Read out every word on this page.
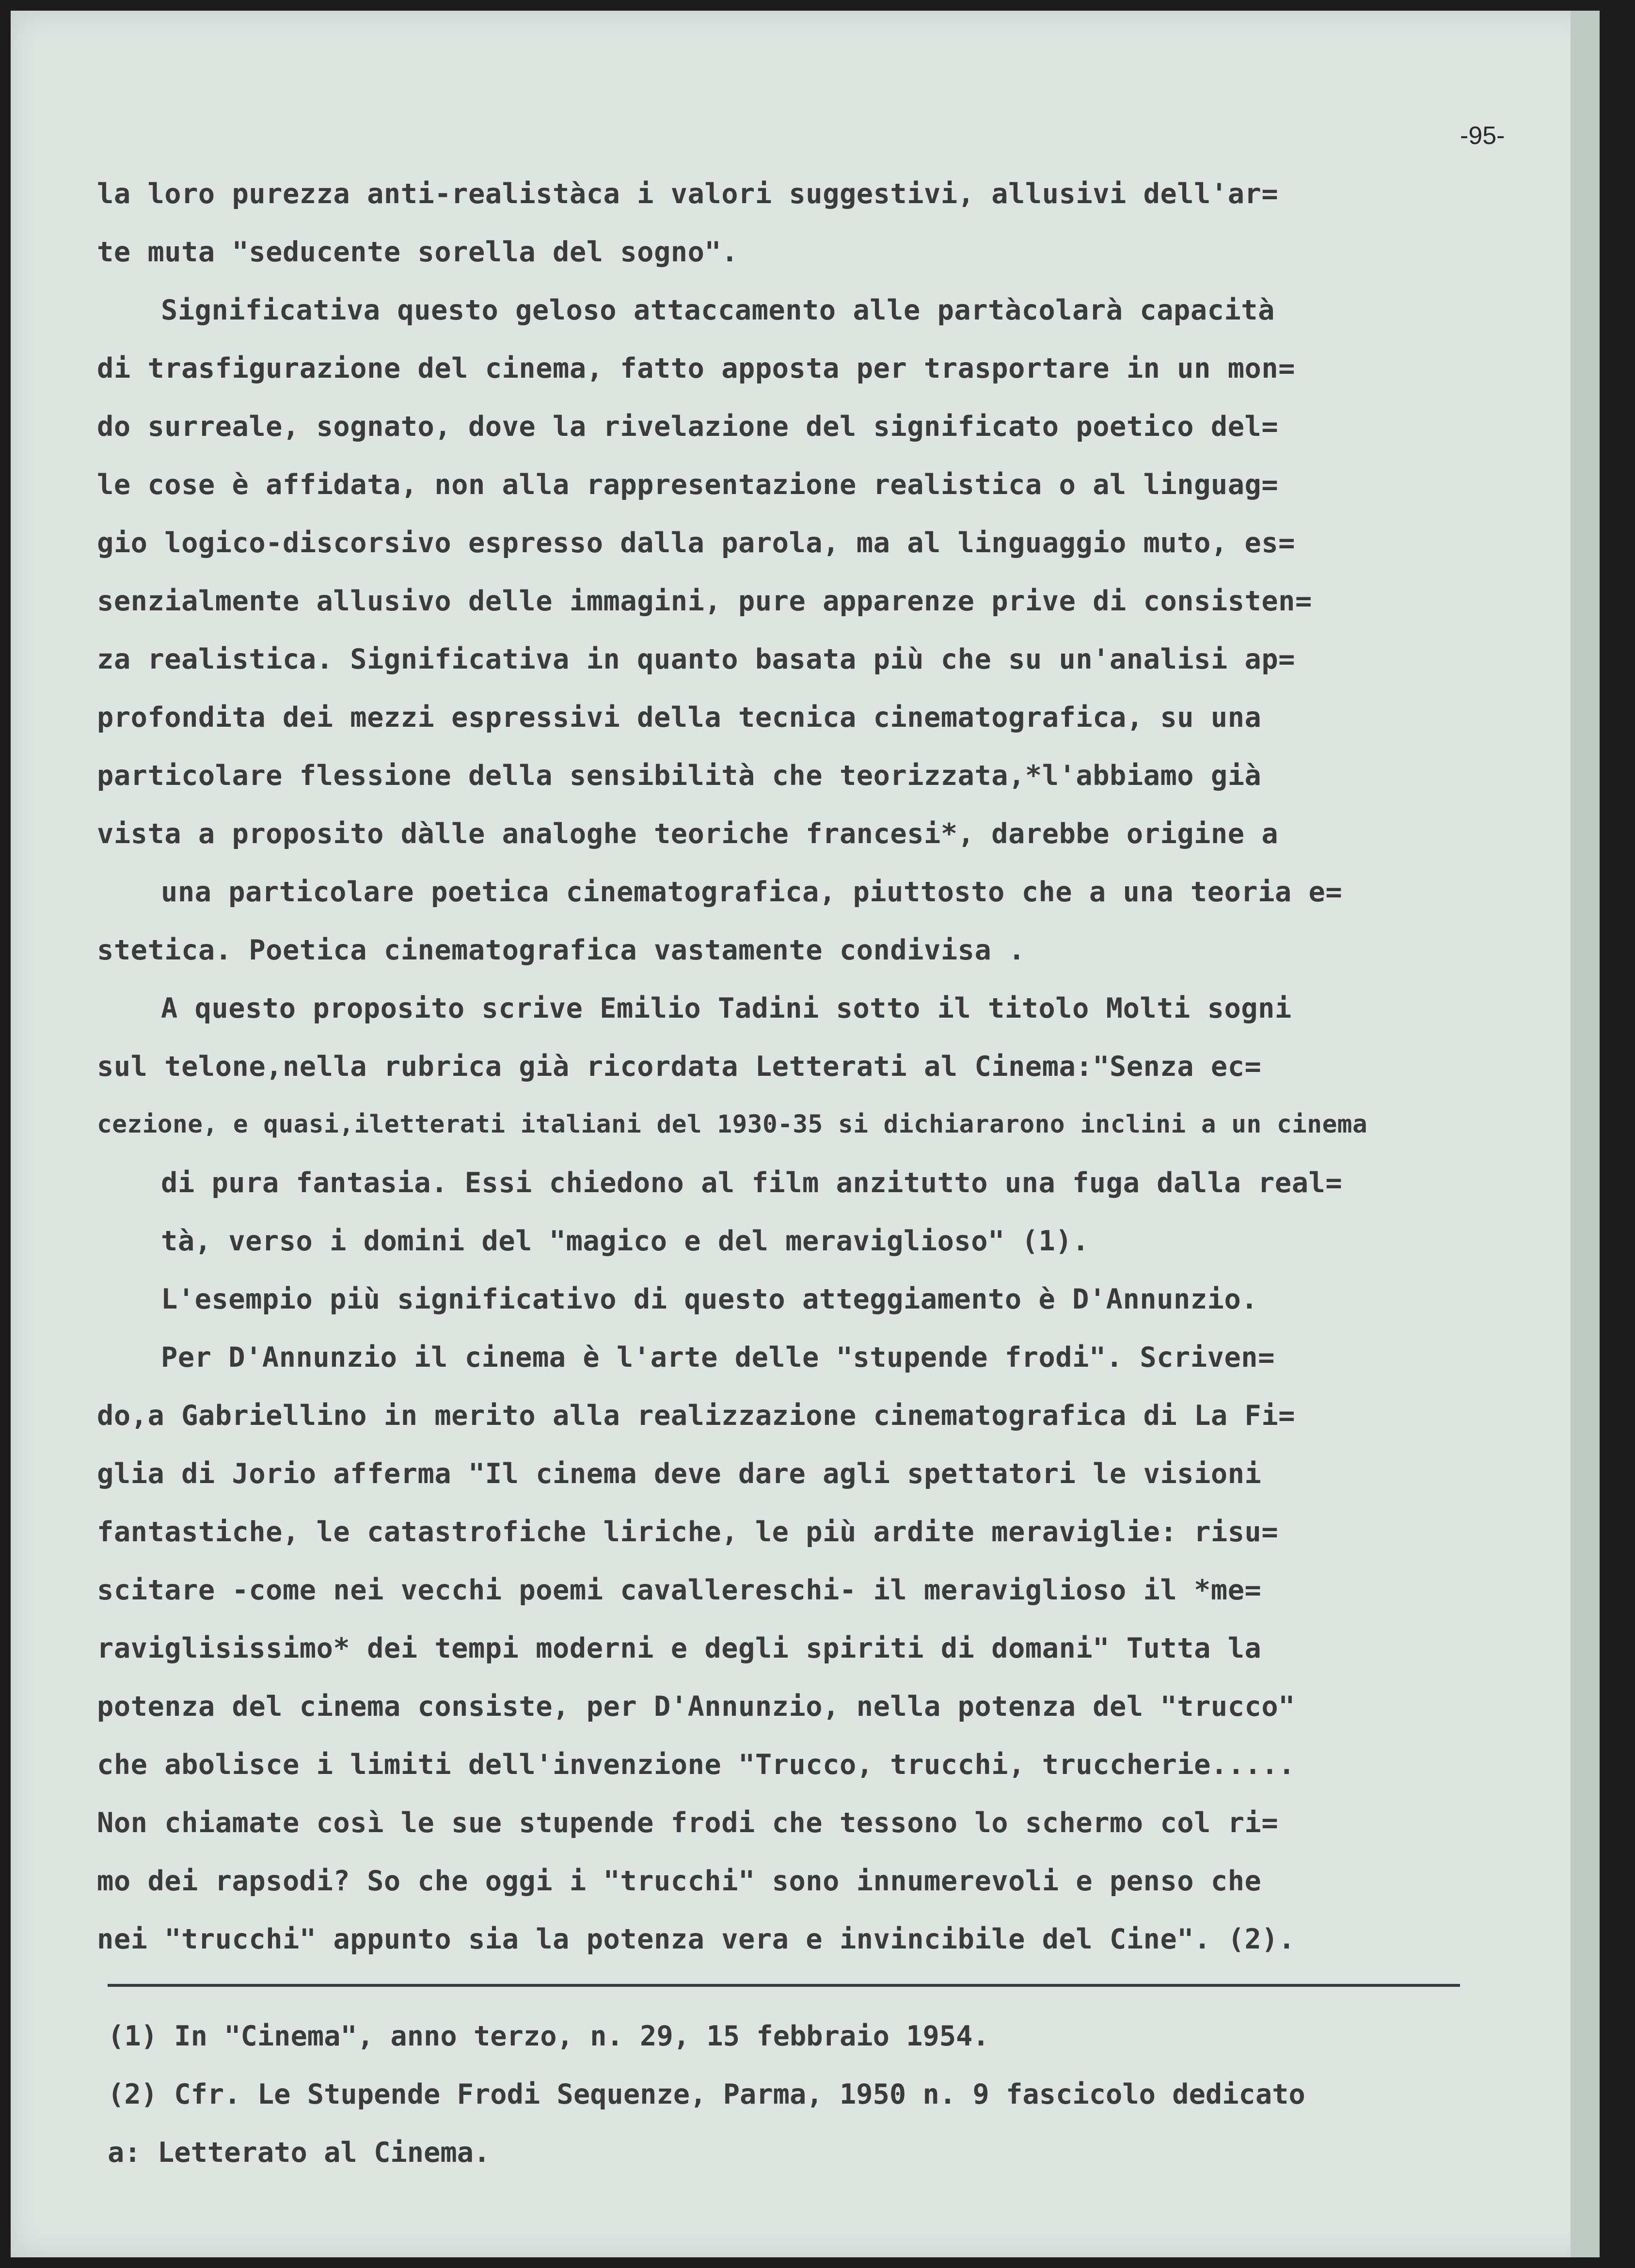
-95-
la loro purezza anti-realistàca i valori suggestivi, allusivi dell'ar=
te muta "seducente sorella del sogno".
Significativa questo geloso attaccamento alle partàcolarà capacità
di trasfigurazione del cinema, fatto apposta per trasportare in un mon=
do surreale, sognato, dove la rivelazione del significato poetico del=
le cose è affidata, non alla rappresentazione realistica o al linguag=
gio logico-discorsivo espresso dalla parola, ma al linguaggio muto, es=
senzialmente allusivo delle immagini, pure apparenze prive di consisten=
za realistica. Significativa in quanto basata più che su un'analisi ap=
profondita dei mezzi espressivi della tecnica cinematografica, su una
particolare flessione della sensibilità che teorizzata,*l'abbiamo già
vista a proposito dàlle analoghe teoriche francesi*, darebbe origine a
una particolare poetica cinematografica, piuttosto che a una teoria e=
stetica. Poetica cinematografica vastamente condivisa .
A questo proposito scrive Emilio Tadini sotto il titolo Molti sogni
sul telone,nella rubrica già ricordata Letterati al Cinema:"Senza ec=
cezione, e quasi,iletterati italiani del 1930-35 si dichiararono inclini a un cinema
di pura fantasia. Essi chiedono al film anzitutto una fuga dalla real=
tà, verso i domini del "magico e del meraviglioso" (1).
L'esempio più significativo di questo atteggiamento è D'Annunzio.
Per D'Annunzio il cinema è l'arte delle "stupende frodi". Scriven=
do,a Gabriellino in merito alla realizzazione cinematografica di La Fi=
glia di Jorio afferma "Il cinema deve dare agli spettatori le visioni
fantastiche, le catastrofiche liriche, le più ardite meraviglie: risu=
scitare -come nei vecchi poemi cavallereschi- il meraviglioso il *me=
raviglisissimo* dei tempi moderni e degli spiriti di domani" Tutta la
potenza del cinema consiste, per D'Annunzio, nella potenza del "trucco"
che abolisce i limiti dell'invenzione "Trucco, trucchi, truccherie.....
Non chiamate così le sue stupende frodi che tessono lo schermo col ri=
mo dei rapsodi? So che oggi i "trucchi" sono innumerevoli e penso che
nei "trucchi" appunto sia la potenza vera e invincibile del Cine". (2).
(1) In "Cinema", anno terzo, n. 29, 15 febbraio 1954.
(2) Cfr. Le Stupende Frodi Sequenze, Parma, 1950 n. 9 fascicolo dedicato
a: Letterato al Cinema.
